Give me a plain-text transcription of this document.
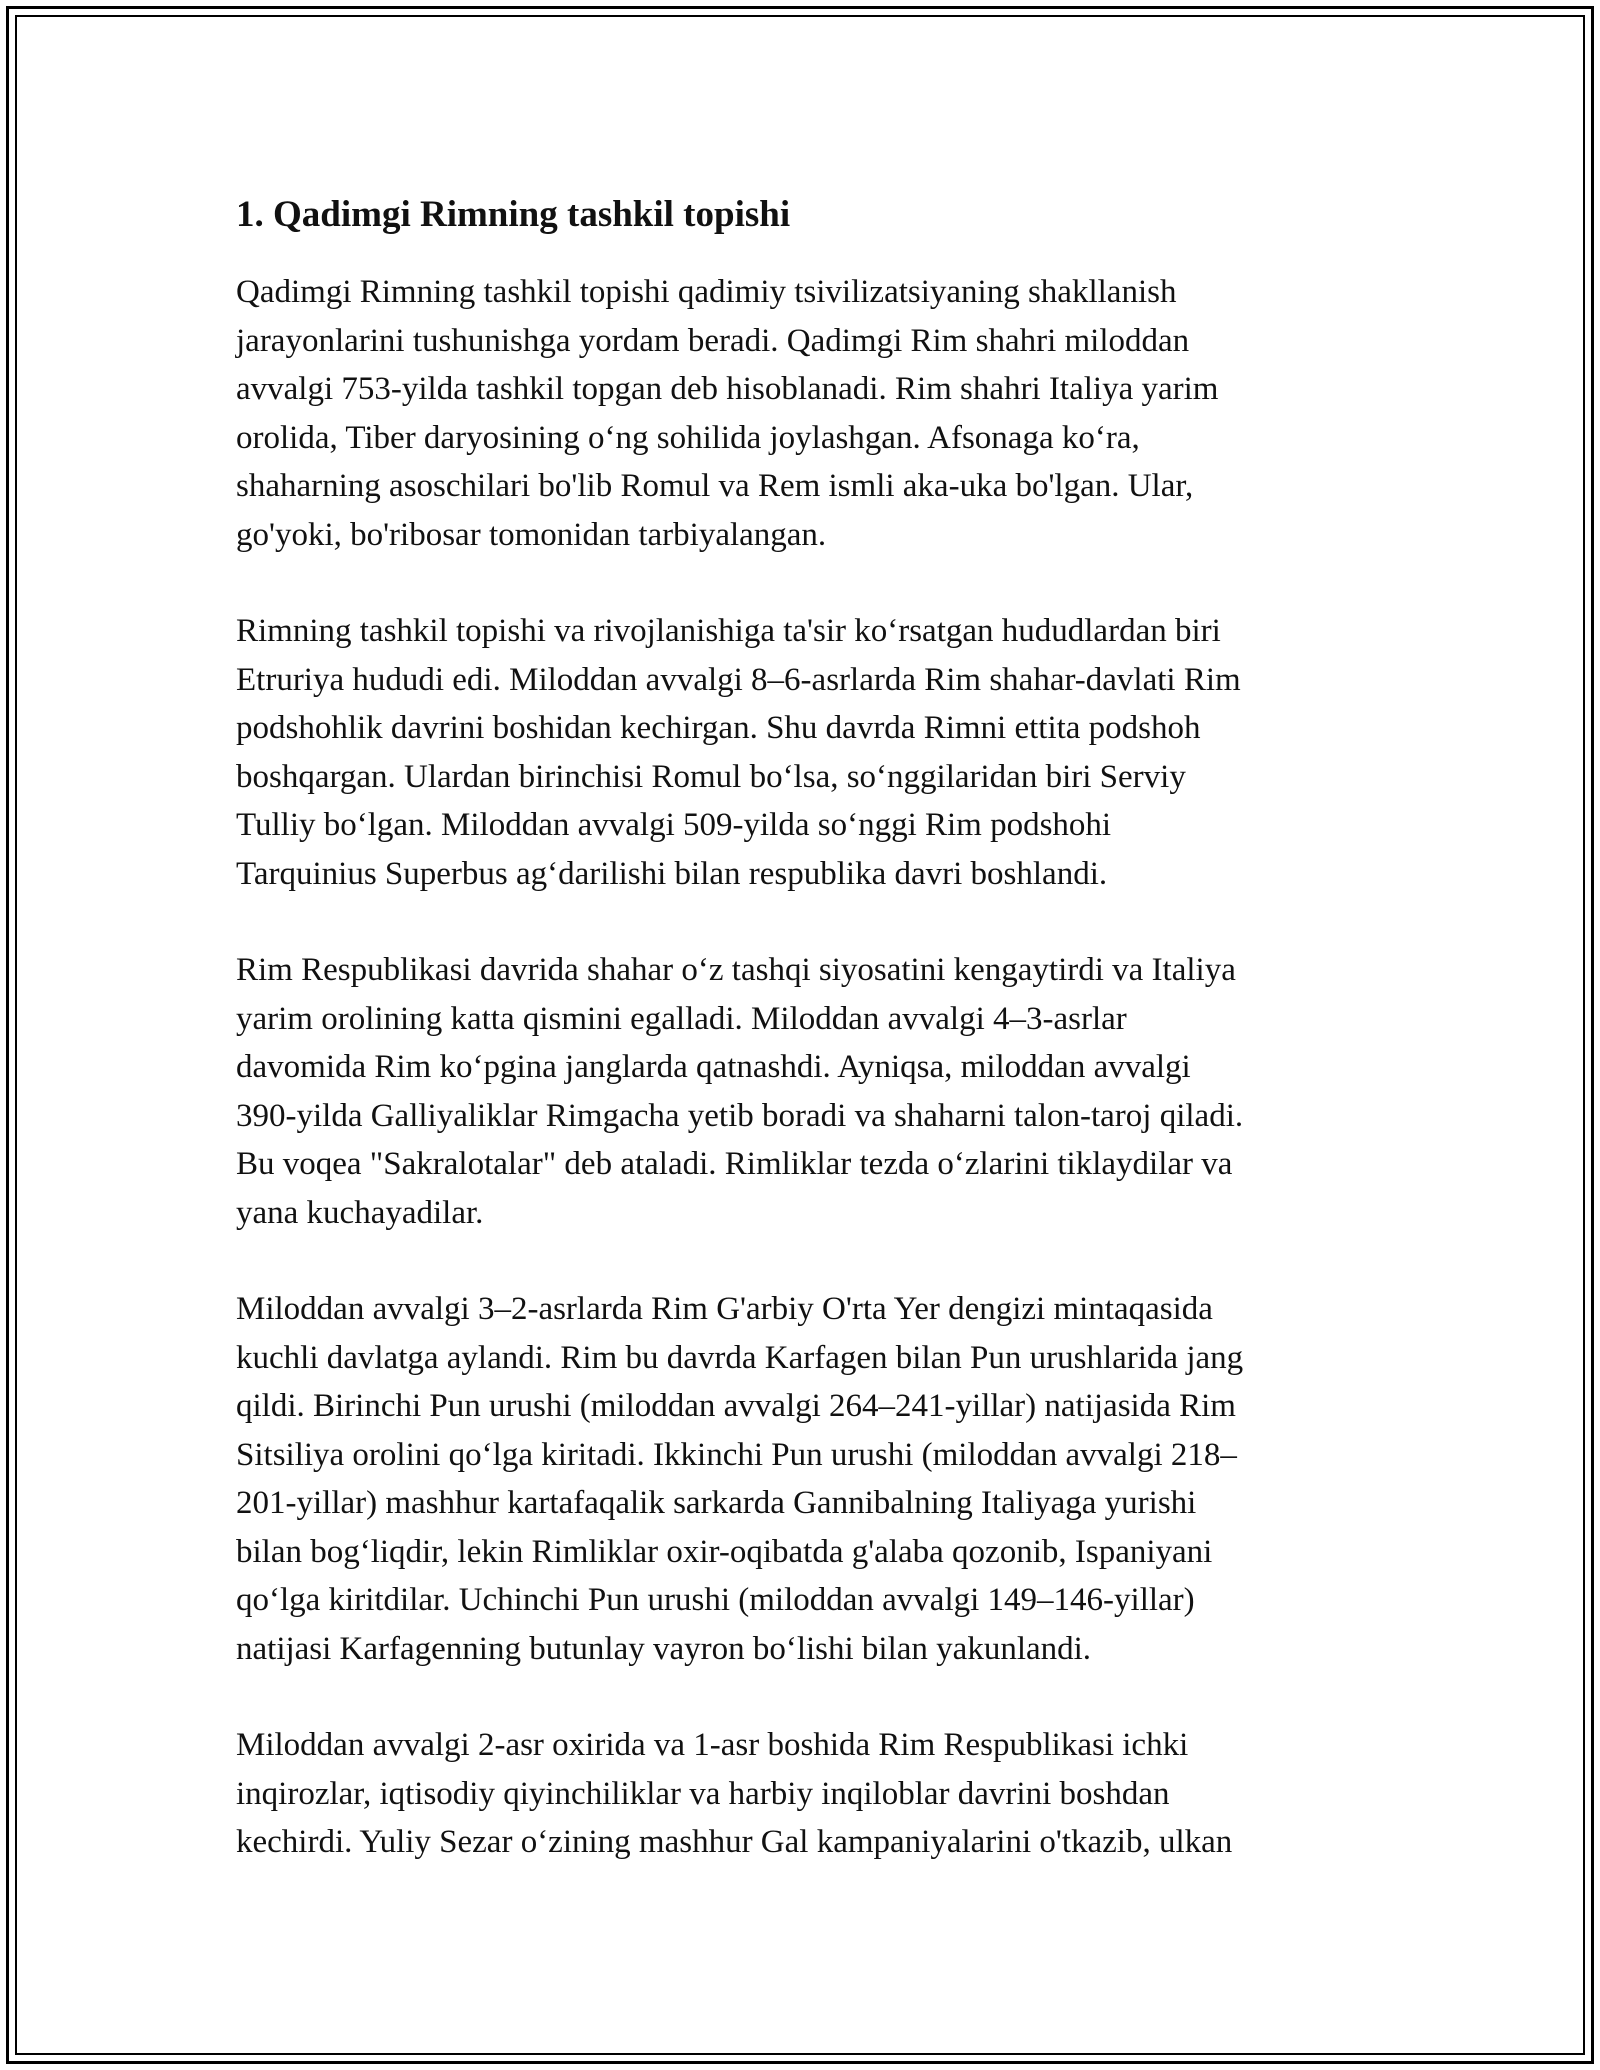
1. Qadimgi Rimning tashkil topishi

Qadimgi Rimning tashkil topishi qadimiy tsivilizatsiyaning shakllanish
jarayonlarini tushunishga yordam beradi. Qadimgi Rim shahri miloddan
avvalgi 753-yilda tashkil topgan deb hisoblanadi. Rim shahri Italiya yarim
orolida, Tiber daryosining o‘ng sohilida joylashgan. Afsonaga ko‘ra,
shaharning asoschilari bo'lib Romul va Rem ismli aka-uka bo'lgan. Ular,
go'yoki, bo'ribosar tomonidan tarbiyalangan.

Rimning tashkil topishi va rivojlanishiga ta'sir ko‘rsatgan hududlardan biri
Etruriya hududi edi. Miloddan avvalgi 8–6-asrlarda Rim shahar-davlati Rim
podshohlik davrini boshidan kechirgan. Shu davrda Rimni ettita podshoh
boshqargan. Ulardan birinchisi Romul bo‘lsa, so‘nggilaridan biri Serviy
Tulliy bo‘lgan. Miloddan avvalgi 509-yilda so‘nggi Rim podshohi
Tarquinius Superbus ag‘darilishi bilan respublika davri boshlandi.

Rim Respublikasi davrida shahar o‘z tashqi siyosatini kengaytirdi va Italiya
yarim orolining katta qismini egalladi. Miloddan avvalgi 4–3-asrlar
davomida Rim ko‘pgina janglarda qatnashdi. Ayniqsa, miloddan avvalgi
390-yilda Galliyaliklar Rimgacha yetib boradi va shaharni talon-taroj qiladi.
Bu voqea "Sakralotalar" deb ataladi. Rimliklar tezda o‘zlarini tiklaydilar va
yana kuchayadilar.

Miloddan avvalgi 3–2-asrlarda Rim G'arbiy O'rta Yer dengizi mintaqasida
kuchli davlatga aylandi. Rim bu davrda Karfagen bilan Pun urushlarida jang
qildi. Birinchi Pun urushi (miloddan avvalgi 264–241-yillar) natijasida Rim
Sitsiliya orolini qo‘lga kiritadi. Ikkinchi Pun urushi (miloddan avvalgi 218–
201-yillar) mashhur kartafaqalik sarkarda Gannibalning Italiyaga yurishi
bilan bog‘liqdir, lekin Rimliklar oxir-oqibatda g'alaba qozonib, Ispaniyani
qo‘lga kiritdilar. Uchinchi Pun urushi (miloddan avvalgi 149–146-yillar)
natijasi Karfagenning butunlay vayron bo‘lishi bilan yakunlandi.

Miloddan avvalgi 2-asr oxirida va 1-asr boshida Rim Respublikasi ichki
inqirozlar, iqtisodiy qiyinchiliklar va harbiy inqiloblar davrini boshdan
kechirdi. Yuliy Sezar o‘zining mashhur Gal kampaniyalarini o'tkazib, ulkan
